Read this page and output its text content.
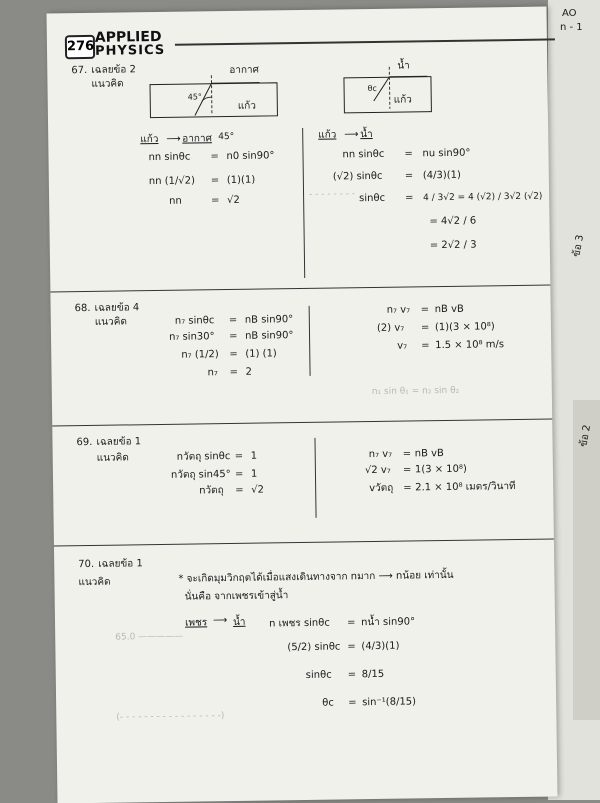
AO
n - 1
ข้อ 3
ข้อ 2
276
APPLIED
PHYSICS
- - - - - - - -
67. เฉลยข้อ 2
แนวคิด
อากาศ
แก้ว
45°
น้ำ
แก้ว
θc
แก้ว ⟶ อากาศ 45°
nn sinθc = n0 sin90°
nn (1/√2) = (1)(1)
nn	= √2
แก้ว ⟶ น้ำ
nn sinθc = nu sin90°
(√2) sinθc = (4/3)(1)
sinθc = 4 / 3√2 = 4 (√2) / 3√2 (√2)
= 4√2 / 6
= 2√2 / 3
68. เฉลยข้อ 4
แนวคิด	n₇ sinθc = nB sin90°
n₇ sin30° = nB sin90°
n₇ (1/2) = (1) (1)
n₇ = 2
n₇ v₇ = nB vB
(2) v₇ = (1)(3 × 10⁸)
v₇ = 1.5 × 10⁸ m/s
n₁ sin θ₁ = n₂ sin θ₂
69. เฉลยข้อ 1
แนวคิด	nวัตถุ sinθc = 1
nวัตถุ sin45° = 1
nวัตถุ = √2
n₇ v₇ = nB vB
√2 v₇ = 1(3 × 10⁸)
vวัตถุ = 2.1 × 10⁸ เมตร/วินาที
70. เฉลยข้อ 1
แนวคิด	* จะเกิดมุมวิกฤตได้เมื่อแสงเดินทางจาก nมาก ⟶ nน้อย เท่านั้น
นั่นคือ จากเพชรเข้าสู่น้ำ
เพชร ⟶ น้ำ n เพชร sinθc = nน้ำ sin90°
(5/2) sinθc = (4/3)(1)
sinθc = 8/15
θc = sin⁻¹(8/15)
65.0 —————
(- - - - - - - - - - - - - - - - -)
